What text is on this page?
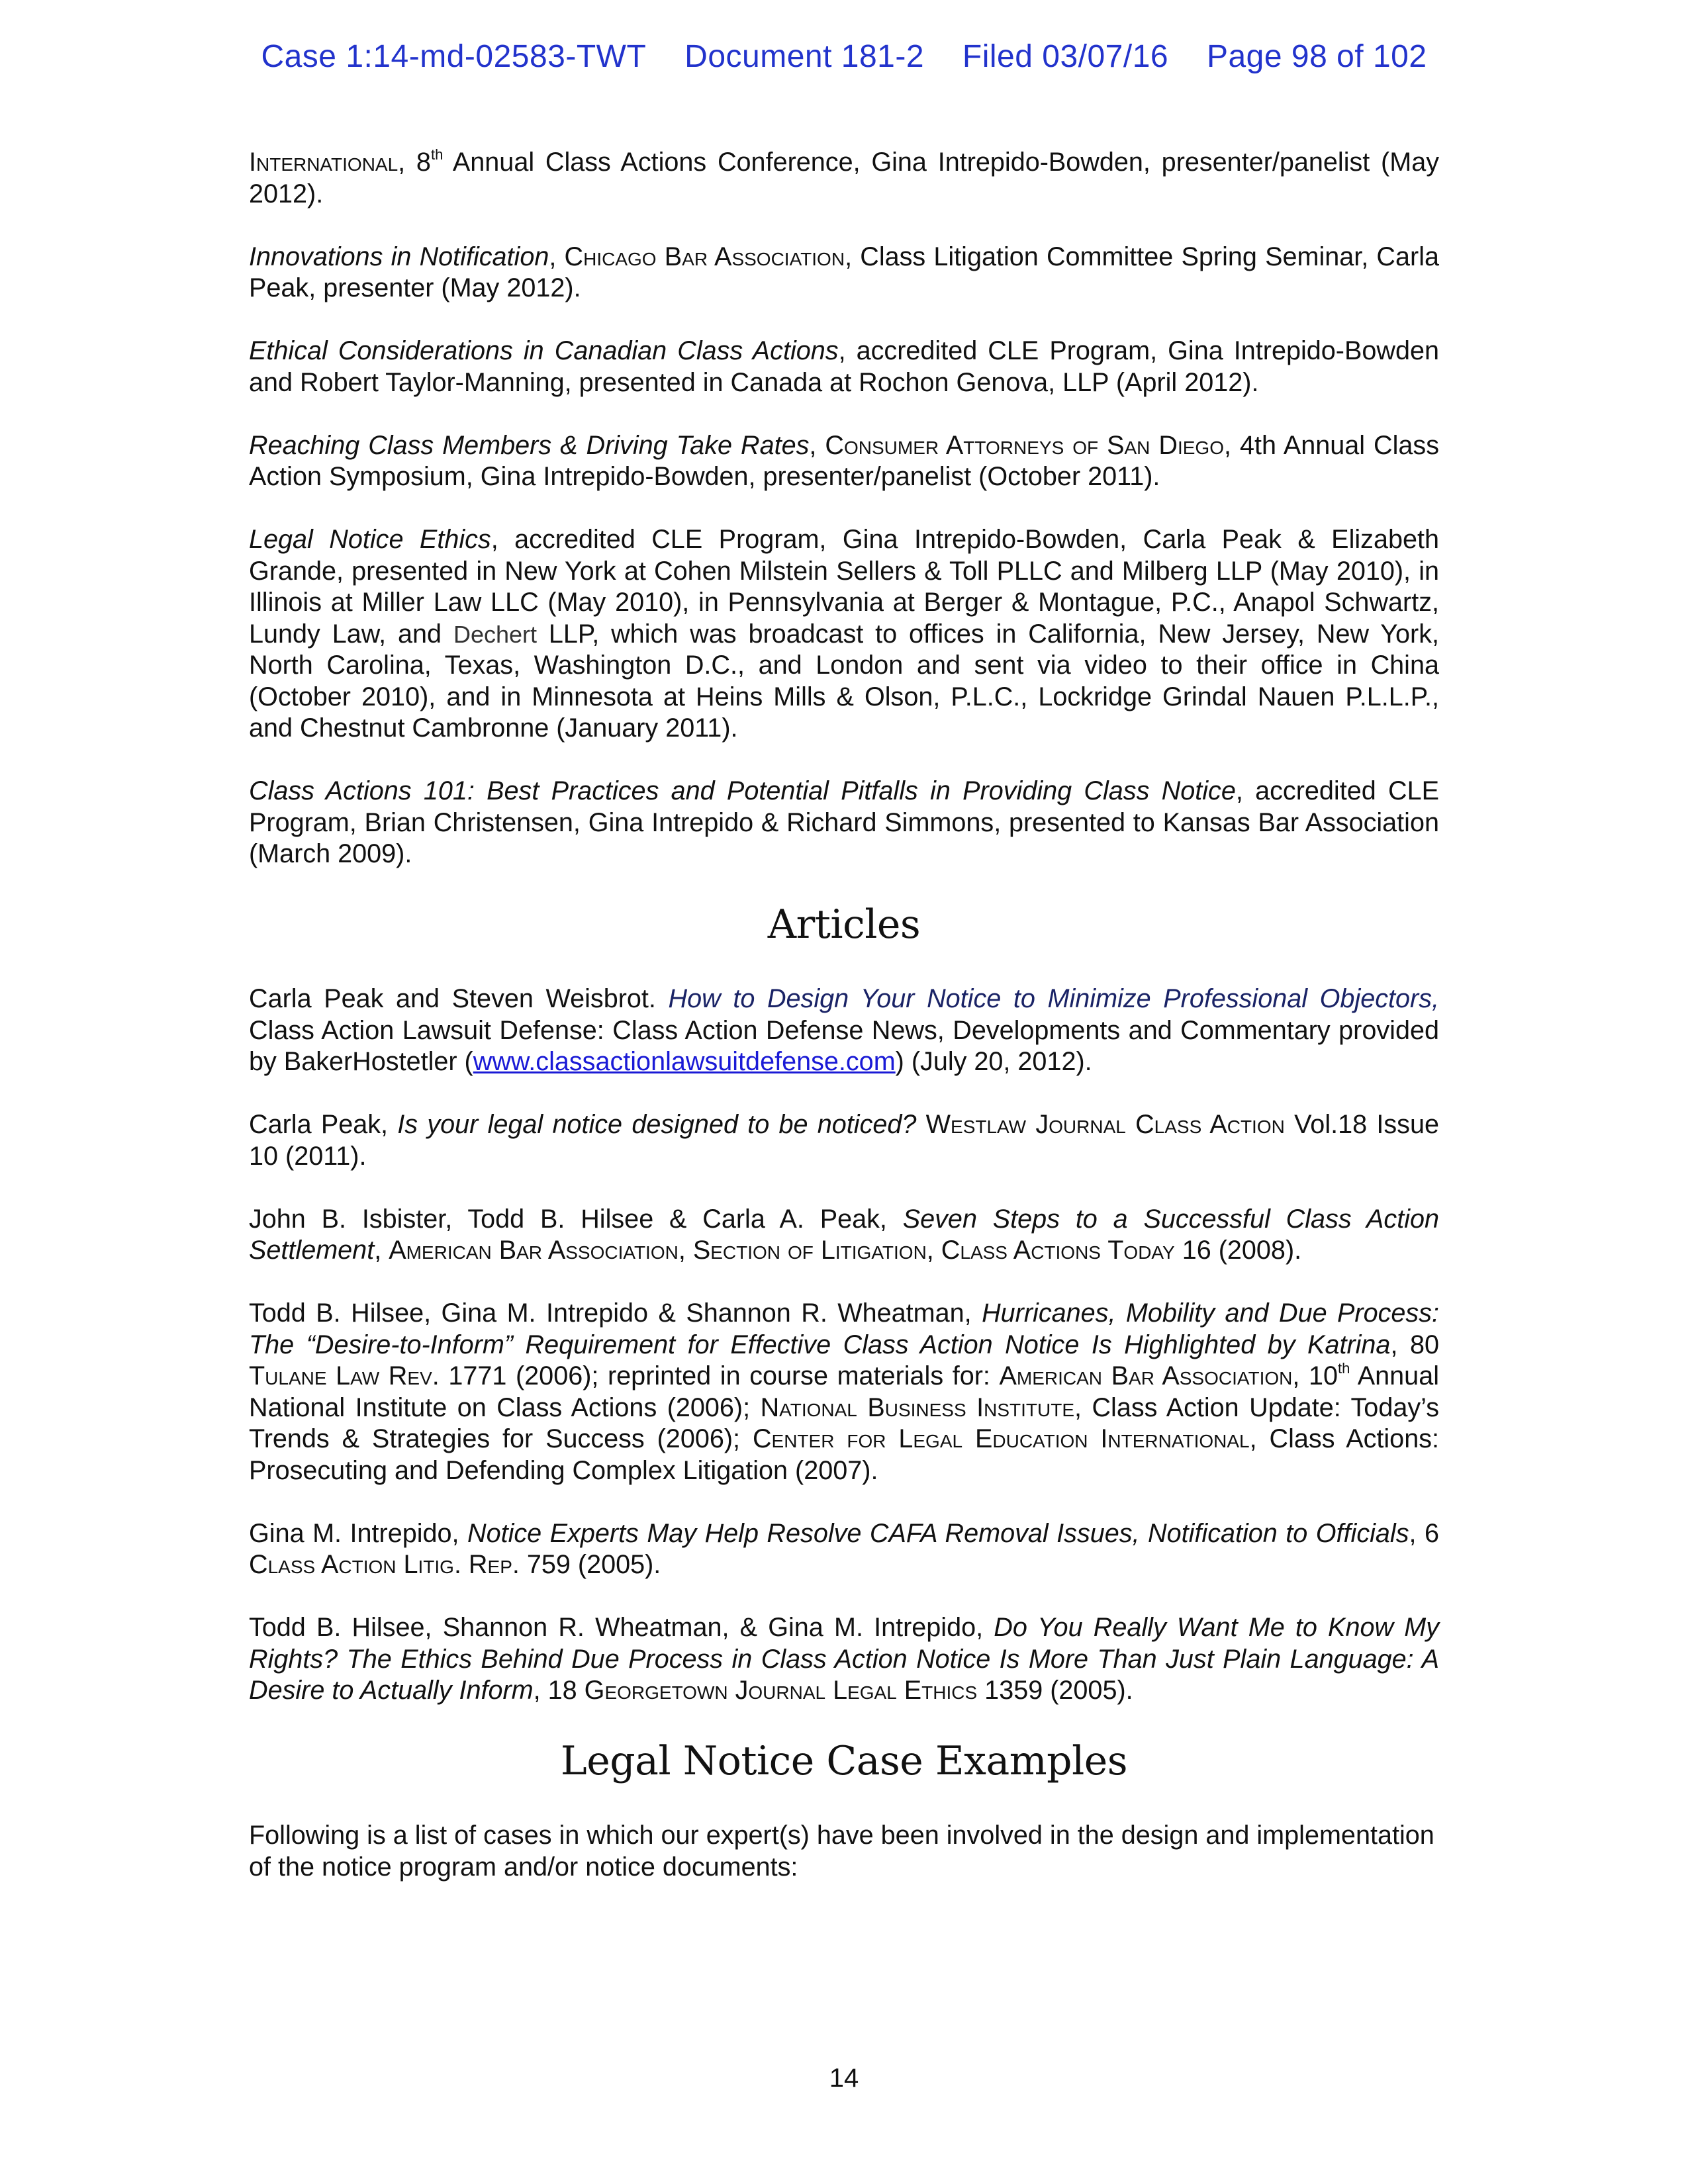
Case 1:14-md-02583-TWT Document 181-2 Filed 03/07/16 Page 98 of 102

International, 8th Annual Class Actions Conference, Gina Intrepido-Bowden, presenter/panelist (May 2012).

Innovations in Notification, Chicago Bar Association, Class Litigation Committee Spring Seminar, Carla Peak, presenter (May 2012).

Ethical Considerations in Canadian Class Actions, accredited CLE Program, Gina Intrepido-Bowden and Robert Taylor-Manning, presented in Canada at Rochon Genova, LLP (April 2012).

Reaching Class Members & Driving Take Rates, Consumer Attorneys of San Diego, 4th Annual Class Action Symposium, Gina Intrepido-Bowden, presenter/panelist (October 2011).

Legal Notice Ethics, accredited CLE Program, Gina Intrepido-Bowden, Carla Peak & Elizabeth Grande, presented in New York at Cohen Milstein Sellers & Toll PLLC and Milberg LLP (May 2010), in Illinois at Miller Law LLC (May 2010), in Pennsylvania at Berger & Montague, P.C., Anapol Schwartz, Lundy Law, and Dechert LLP, which was broadcast to offices in California, New Jersey, New York, North Carolina, Texas, Washington D.C., and London and sent via video to their office in China (October 2010), and in Minnesota at Heins Mills & Olson, P.L.C., Lockridge Grindal Nauen P.L.L.P., and Chestnut Cambronne (January 2011).

Class Actions 101: Best Practices and Potential Pitfalls in Providing Class Notice, accredited CLE Program, Brian Christensen, Gina Intrepido & Richard Simmons, presented to Kansas Bar Association (March 2009).

Articles

Carla Peak and Steven Weisbrot. How to Design Your Notice to Minimize Professional Objectors, Class Action Lawsuit Defense: Class Action Defense News, Developments and Commentary provided by BakerHostetler (www.classactionlawsuitdefense.com) (July 20, 2012).

Carla Peak, Is your legal notice designed to be noticed? Westlaw Journal Class Action Vol.18 Issue 10 (2011).

John B. Isbister, Todd B. Hilsee & Carla A. Peak, Seven Steps to a Successful Class Action Settlement, American Bar Association, Section of Litigation, Class Actions Today 16 (2008).

Todd B. Hilsee, Gina M. Intrepido & Shannon R. Wheatman, Hurricanes, Mobility and Due Process: The “Desire-to-Inform” Requirement for Effective Class Action Notice Is Highlighted by Katrina, 80 Tulane Law Rev. 1771 (2006); reprinted in course materials for: American Bar Association, 10th Annual National Institute on Class Actions (2006); National Business Institute, Class Action Update: Today’s Trends & Strategies for Success (2006); Center for Legal Education International, Class Actions: Prosecuting and Defending Complex Litigation (2007).

Gina M. Intrepido, Notice Experts May Help Resolve CAFA Removal Issues, Notification to Officials, 6 Class Action Litig. Rep. 759 (2005).

Todd B. Hilsee, Shannon R. Wheatman, & Gina M. Intrepido, Do You Really Want Me to Know My Rights? The Ethics Behind Due Process in Class Action Notice Is More Than Just Plain Language: A Desire to Actually Inform, 18 Georgetown Journal Legal Ethics 1359 (2005).

Legal Notice Case Examples

Following is a list of cases in which our expert(s) have been involved in the design and implementation of the notice program and/or notice documents:

14
